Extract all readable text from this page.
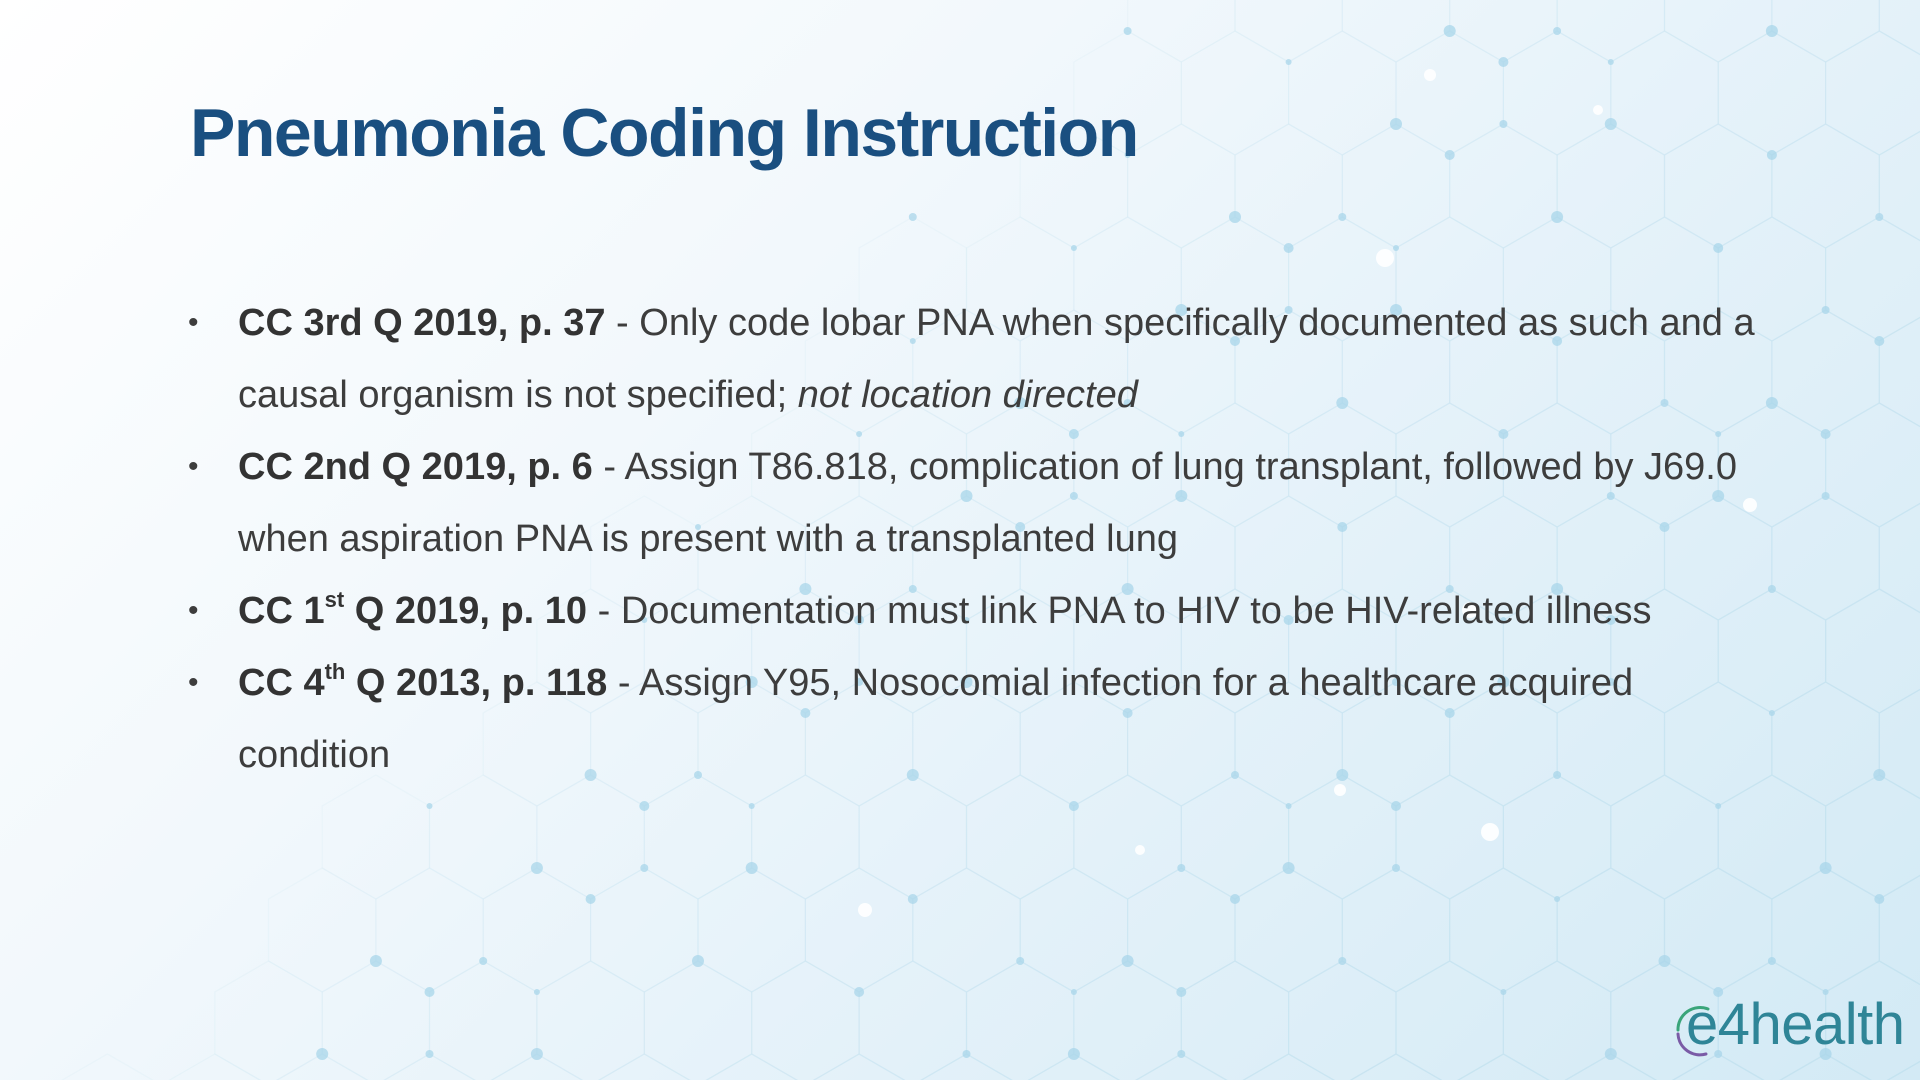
Pneumonia Coding Instruction
• CC 3rd Q 2019, p. 37 - Only code lobar PNA when specifically documented as such and a causal organism is not specified; not location directed
• CC 2nd Q 2019, p. 6 - Assign T86.818, complication of lung transplant, followed by J69.0 when aspiration PNA is present with a transplanted lung
• CC 1st Q 2019, p. 10 - Documentation must link PNA to HIV to be HIV-related illness
• CC 4th Q 2013, p. 118 - Assign Y95, Nosocomial infection for a healthcare acquired condition
e4health
